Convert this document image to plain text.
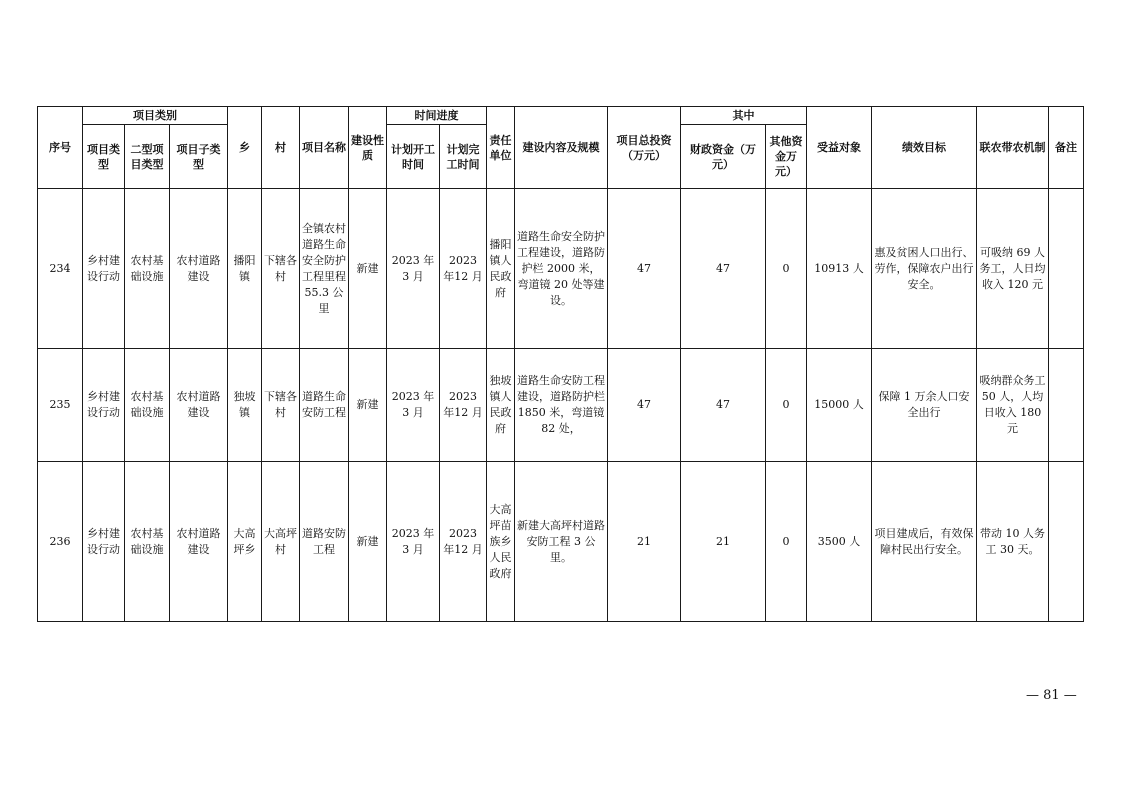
序号	项目类别			乡	村	项目名称	建设性质	时间进度		责任单位	建设内容及规模	项目总投资（万元）	其中		受益对象	绩效目标	联农带农机制	备注
	项目类型	二型项目类型	项目子类型					计划开工时间	计划完工时间				财政资金（万元）	其他资金万元）				
234	乡村建设行动	农村基础设施	农村道路建设	播阳镇	下辖各村	全镇农村道路生命安全防护工程里程55.3 公里	新建	2023 年3 月	2023 年12 月	播阳镇人民政府	道路生命安全防护工程建设，道路防护栏 2000 米，弯道镜 20 处等建设。	47	47	0	10913 人	惠及贫困人口出行、劳作，保障农户出行安全。	可吸纳 69 人务工，人日均收入 120 元	
235	乡村建设行动	农村基础设施	农村道路建设	独坡镇	下辖各村	道路生命安防工程	新建	2023 年3 月	2023 年12 月	独坡镇人民政府	道路生命安防工程建设，道路防护栏 1850 米，弯道镜 82 处，	47	47	0	15000 人	保障 1 万余人口安全出行	吸纳群众务工 50 人，人均日收入 180 元	
236	乡村建设行动	农村基础设施	农村道路建设	大高坪乡	大高坪村	道路安防工程	新建	2023 年3 月	2023 年12 月	大高坪苗族乡人民政府	新建大高坪村道路安防工程 3 公里。	21	21	0	3500 人	项目建成后，有效保障村民出行安全。	带动 10 人务工 30 天。	
— 81 —
